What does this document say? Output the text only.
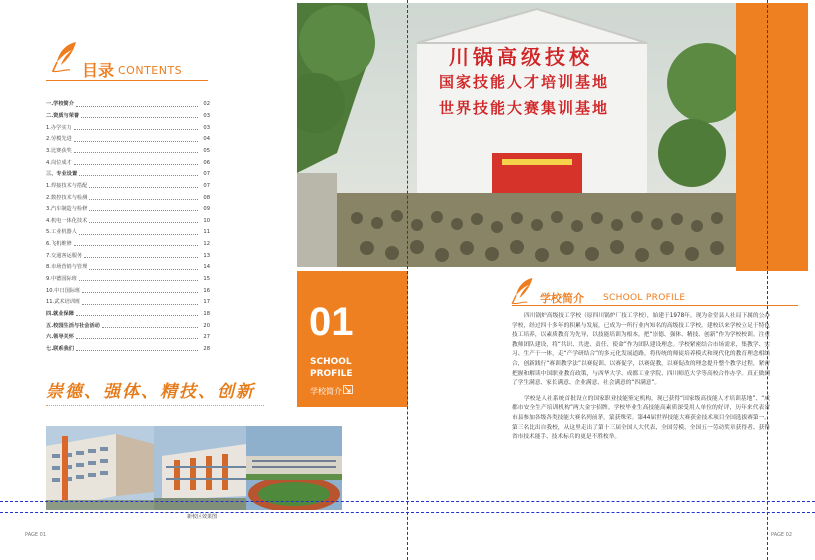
目录 CONTENTS
一.学校简介	02
二.资质与荣誉	03
1.办学实力	03
2.劳模先进	04
3.比赛获奖	05
4.岗位成才	06
三、专业设置	07
1.焊接技术与搭配	07
2.数控技术与检测	08
3.汽车制造与检修	09
4.机电一体化技术	10
5.工业机器人	11
6.飞机维修	12
7.交通客运服务	13
8.市场营销与管理	14
9.中德国际班	15
10.中日国际班	16
11.武术培训班	17
四.就业保障	18
五.校园生活与社会活动	20
六.领导关怀	27
七.联系我们	28
崇德、强体、精技、创新
新校区效果图
PAGE 01
川锅高级技校
国家技能人才培训基地
世界技能大赛集训基地
01
SCHOOL
PROFILE
学校简介
学校简介 SCHOOL PROFILE

四川锅炉高级技工学校（原四川锅炉厂技工学校），始建于1978年，现为金堂县人社局下属的公办学校，经过四十多年的积累与发展，已成为一所行业内知名的高级技工学校。建校以来学校立足于特色技工培养，以素质教育为先导，以技能培训为根本，把“崇德、强体、精技、创新”作为学校校训。注重教师团队建设，将“共识、共进、责任、使命”作为团队建设理念。学校紧密结合市场需求，集教学、实习、生产于一体，走“产学研结合”的多元化发展道路，将传统的师徒培养模式和现代化的教育理念相结合，创新践行“赛训教学法”以赛促训、以赛促学，以赛促教，以赛促改的理念提升整个教学过程，紧密把握和解读中国职业教育政策，与西华大学、成都工业学院、四川师范大学等高校合作办学。真正做到了学生满意、家长满意、企业满意、社会满意的“四满意”。

学校是人社系统首批设立的国家职业技能鉴定机构，现已获得“国家级高技能人才培训基地”、“成都市安全生产培训机构”两大金字招牌。学校毕业生高技能高素质深受用人单位的好评，历年来代表省市县参加各级各类技能大赛名列前茅，蒙获殊荣。第44届世界技能大赛获金技术项目全国选拔赛第一。第三名比出自我校，从这里走出了第十三届全国人大代表、全国劳模、全国五一劳动奖章获得者、获得省市技术能手、技术标兵的更是不胜枚举。

PAGE 02
